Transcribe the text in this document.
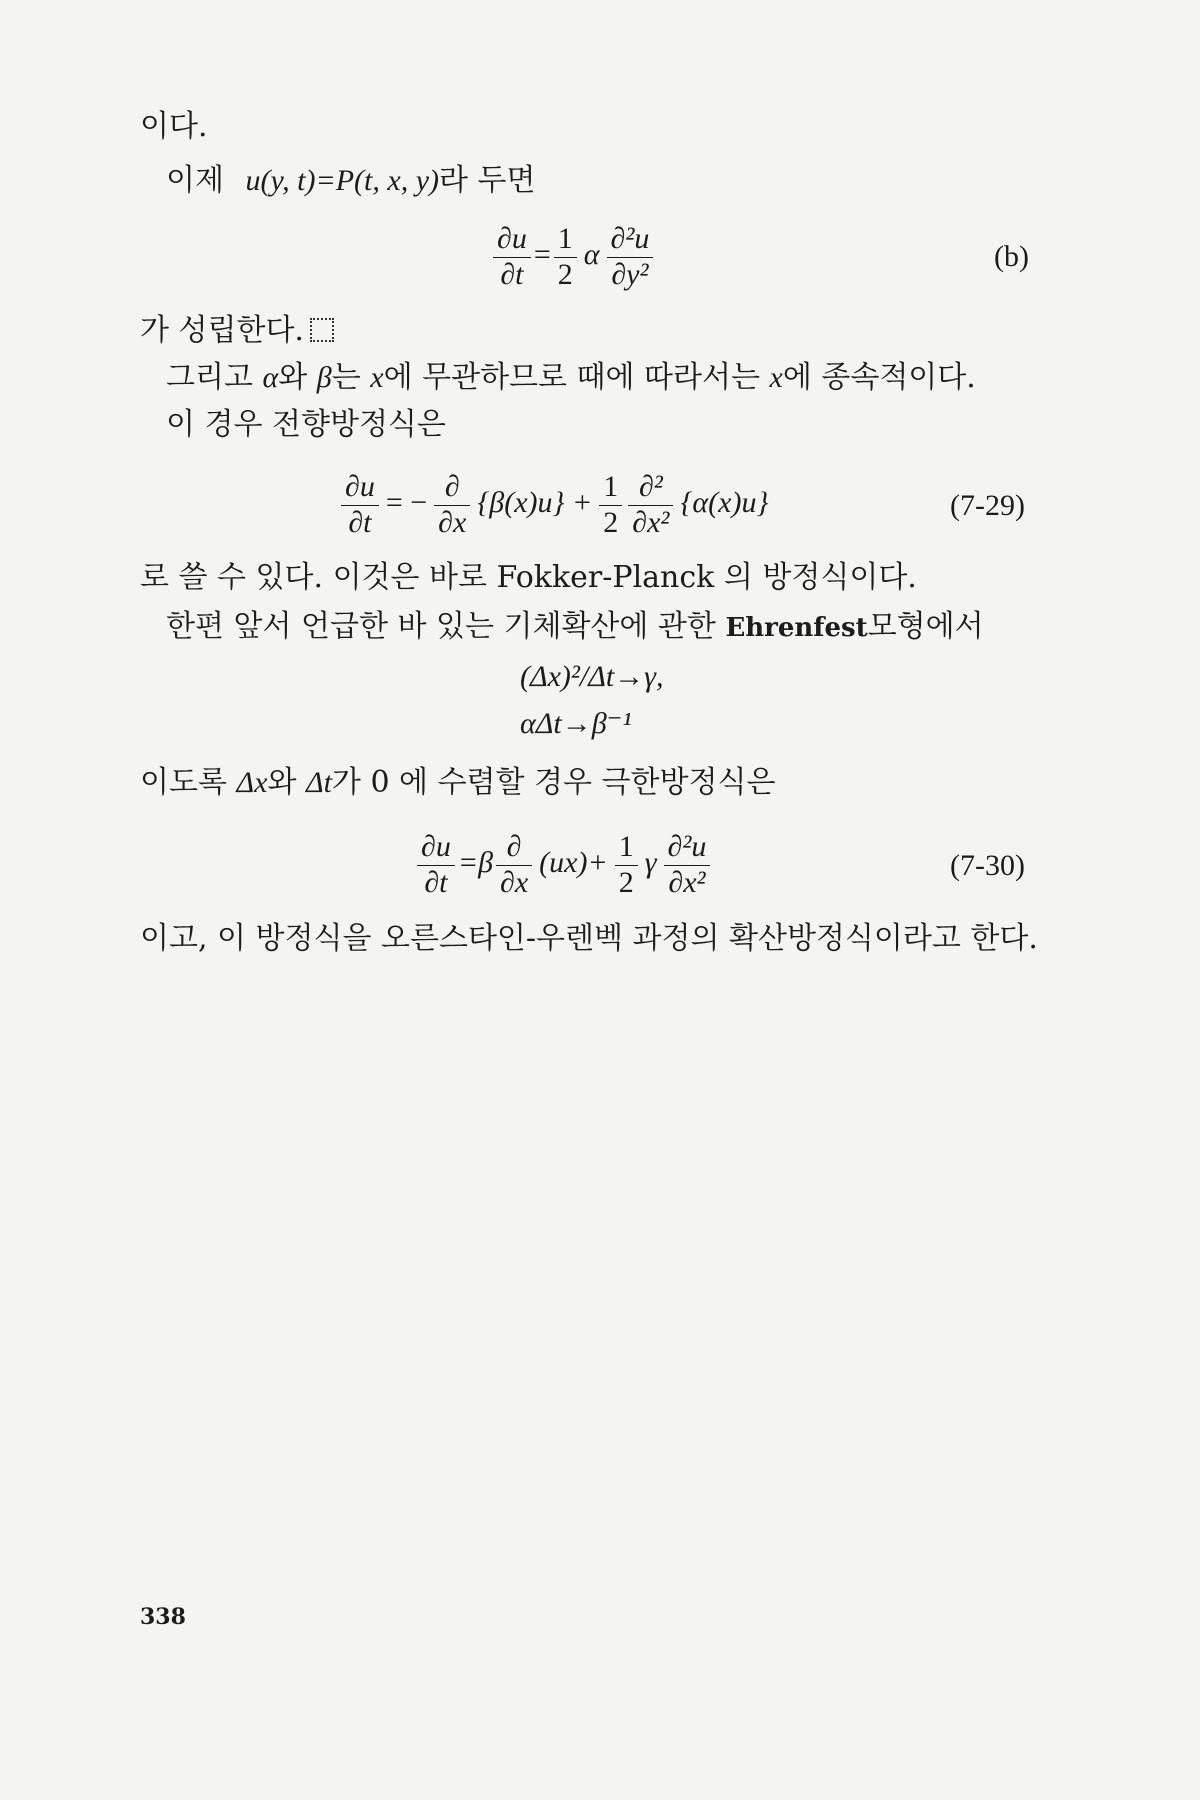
이다.
이제 u(y, t)=P(t, x, y)라 두면
$\frac{\partial u}{\partial t} = \frac{1}{2}$ α $\frac{\text{∂²u}}{\text{∂y²}}$	(b)
가 성립한다.
그리고 α와 β는 x에 무관하므로 때에 따라서는 x에 종속적이다.
이 경우 전향방정식은
$\frac{\partial u}{\partial t}$ = − $\frac{\partial}{\partial x} \{\beta(x)u\} + \frac{1}{2} \frac{\text{∂²}}{\text{∂x²}} \{\alpha(x)u\}$	(7-29)
로 쓸 수 있다. 이것은 바로 Fokker-Planck 의 방정식이다.
한편 앞서 언급한 바 있는 기체확산에 관한 Ehrenfest모형에서
(Δx)²/Δt→γ,
αΔt→β⁻¹
이도록 Δx와 Δt가 0 에 수렴할 경우 극한방정식은
$\frac{\partial u}{\partial t} =\beta \frac{\partial}{\partial x} (ux)+ \frac{1}{2}$ γ $\frac{\text{∂²u}}{\text{∂x²}}$	(7-30)
이고, 이 방정식을 오른스타인-우렌벡 과정의 확산방정식이라고 한다.
338
